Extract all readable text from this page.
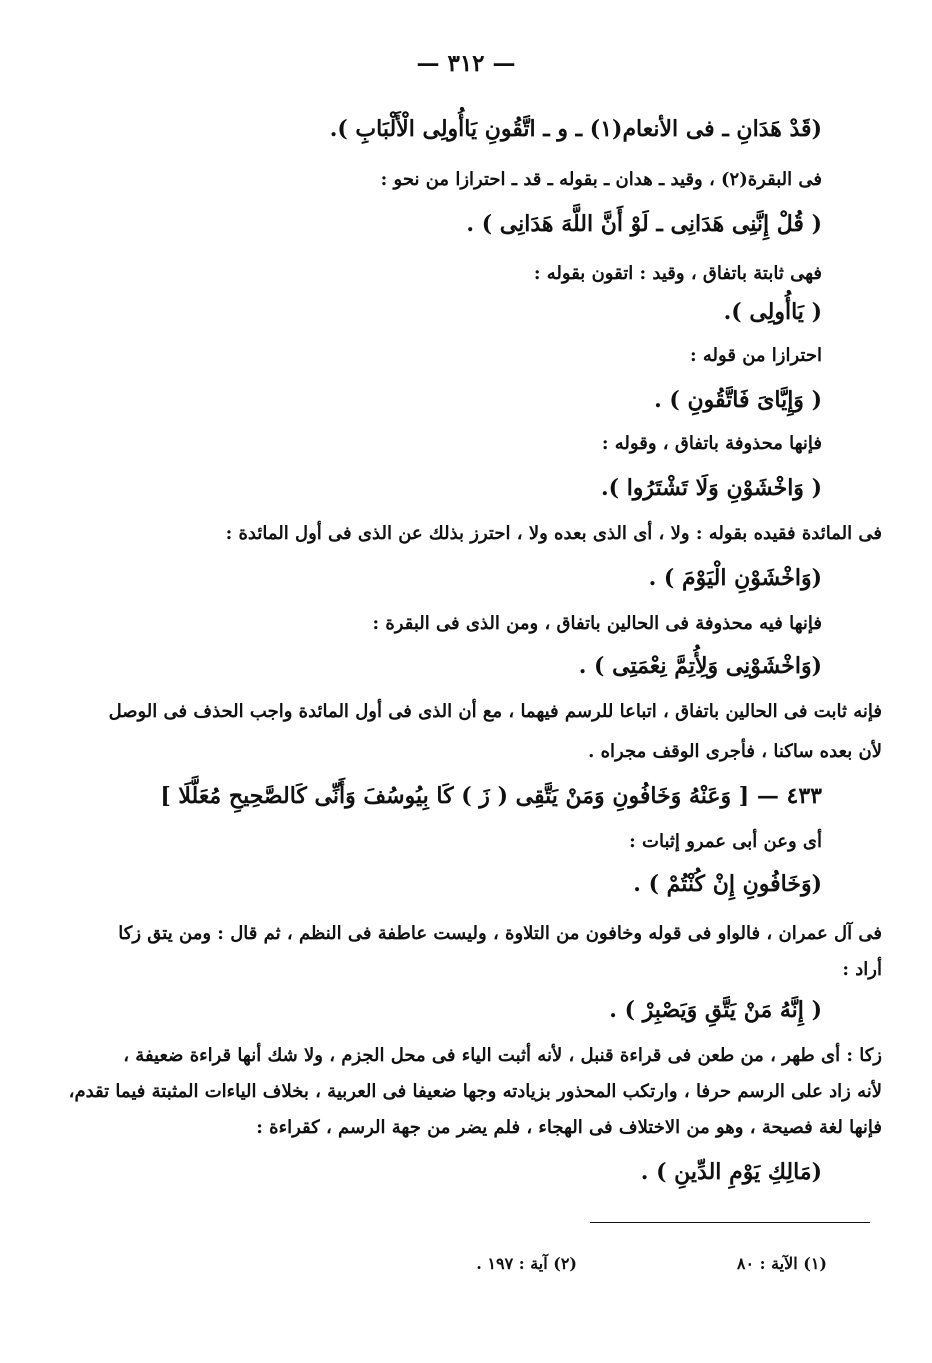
— ٣١٢ —
(قَدْ هَدَانِ ـ فى الأنعام(١) ـ و ـ اتَّقُونِ يَاأُولِى الْأَلْبَابِ ).
فى البقرة(٢) ، وقيد ـ هدان ـ بقوله ـ قد ـ احترازا من نحو :
( قُلْ إِنَّنِى هَدَانِى ـ لَوْ أَنَّ اللَّهَ هَدَانِى ) .
فهى ثابتة باتفاق ، وقيد : اتقون بقوله :
( يَاأُولِى ).
احترازا من قوله :
( وَإِيَّاىَ فَاتَّقُونِ ) .
فإنها محذوفة باتفاق ، وقوله :
( وَاخْشَوْنِ وَلَا تَشْتَرُوا ).
فى المائدة فقيده بقوله : ولا ، أى الذى بعده ولا ، احترز بذلك عن الذى فى أول المائدة :
(وَاخْشَوْنِ الْيَوْمَ ) .
فإنها فيه محذوفة فى الحالين باتفاق ، ومن الذى فى البقرة :
(وَاخْشَوْنِى وَلِأُتِمَّ نِعْمَتِى ) .
فإنه ثابت فى الحالين باتفاق ، اتباعا للرسم فيهما ، مع أن الذى فى أول المائدة واجب الحذف فى الوصل
لأن بعده ساكنا ، فأجرى الوقف مجراه .
٤٣٣ — [ وَعَنْهُ وَخَافُونِ وَمَنْ يَتَّقِى ( زَ ) كَا بِيُوسُفَ وَأَنِّى كَالصَّحِيحِ مُعَلَّلَا ]
أى وعن أبى عمرو إثبات :
(وَخَافُونِ إِنْ كُنْتُمْ ) .
فى آل عمران ، فالواو فى قوله وخافون من التلاوة ، وليست عاطفة فى النظم ، ثم قال : ومن يتق زكا
أراد :
( إِنَّهُ مَنْ يَتَّقِ وَيَصْبِرْ ) .
زكا : أى طهر ، من طعن فى قراءة قنبل ، لأنه أثبت الياء فى محل الجزم ، ولا شك أنها قراءة ضعيفة ،
لأنه زاد على الرسم حرفا ، وارتكب المحذور بزيادته وجها ضعيفا فى العربية ، بخلاف الياءات المثبتة فيما تقدم،
فإنها لغة فصيحة ، وهو من الاختلاف فى الهجاء ، فلم يضر من جهة الرسم ، كقراءة :
(مَالِكِ يَوْمِ الدِّينِ ) .
(١) الآية : ٨٠
(٢) آية : ١٩٧ .
